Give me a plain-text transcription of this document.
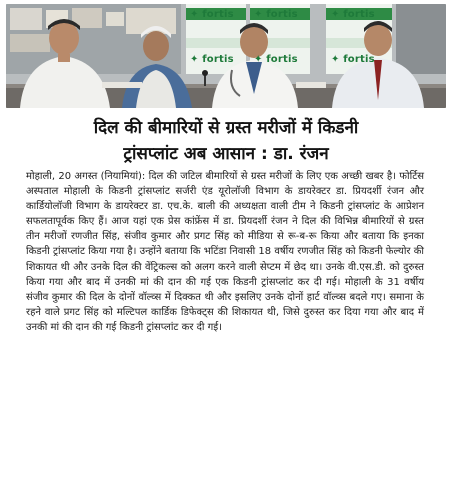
✦ fortis ✦ fortis	✦ fortis
✦ fortis ✦ fortis	✦ fortis
दिल की बीमारियों से ग्रस्त मरीजों में किडनी
ट्रांसप्लांट अब आसान : डा. रंजन

मोहाली, 20 अगस्त (नियामियां): दिल की जटिल बीमारियों से ग्रस्त मरीजों के लिए एक अच्छी खबर है। फोर्टिस अस्पताल मोहाली के किडनी ट्रांसप्लांट सर्जरी एंड यूरोलॉजी विभाग के डायरेक्टर डा. प्रियदर्शी रंजन और कार्डियोलॉजी विभाग के डायरेक्टर डा. एच.के. बाली की अध्यक्षता वाली टीम ने किडनी ट्रांसप्लांट के आप्रेशन सफलतापूर्वक किए हैं। आज यहां एक प्रेस कांफ्रेंस में डा. प्रियदर्शी रंजन ने दिल की विभिन्न बीमारियों से ग्रस्त तीन मरीजों रणजीत सिंह, संजीव कुमार और प्रगट सिंह को मीडिया से रू-ब-रू किया और बताया कि इनका किडनी ट्रांसप्लांट किया गया है। उन्होंने बताया कि भटिंडा निवासी 18 वर्षीय रणजीत सिंह को किडनी फेल्योर की शिकायत थी और उनके दिल की वेंट्रिकल्स को अलग करने वाली सेप्टम में छेद था। उनके वी.एस.डी. को दुरुस्त किया गया और बाद में उनकी मां की दान की गई एक किडनी ट्रांसप्लांट कर दी गई। मोहाली के 31 वर्षीय संजीव कुमार की दिल के दोनों वॉल्व्स में दिक्कत थी और इसलिए उनके दोनों हार्ट वॉल्व्स बदले गए। समाना के रहने वाले प्रगट सिंह को मल्टिपल कार्डिक डिफेक्ट्स की शिकायत थी, जिसे दुरुस्त कर दिया गया और बाद में उनकी मां की दान की गई किडनी ट्रांसप्लांट कर दी गई।
